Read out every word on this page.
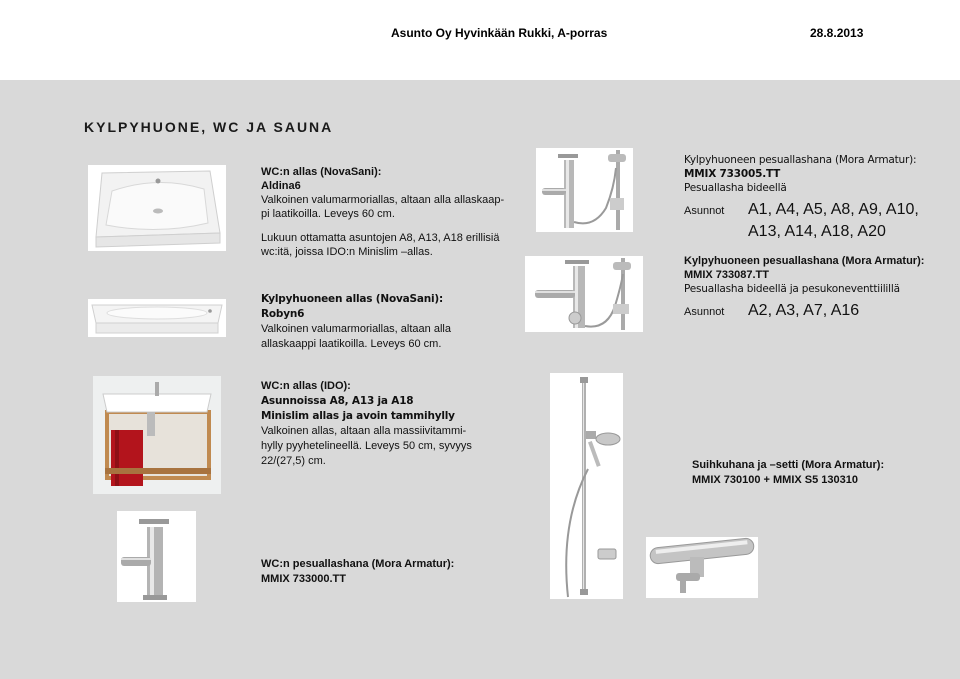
Asunto Oy Hyvinkään Rukki, A-porras	28.8.2013
KYLPYHUONE, WC JA SAUNA
WC:n allas (NovaSani):
Aldina6
Valkoinen valumarmoriallas, altaan alla allaskaap-
pi laatikoilla. Leveys 60 cm.
Lukuun ottamatta asuntojen A8, A13, A18 erillisiä
wc:itä, joissa IDO:n Minislim –allas.
Kylpyhuoneen allas (NovaSani):
Robyn6
Valkoinen valumarmoriallas, altaan alla
allaskaappi laatikoilla. Leveys 60 cm.
Kylpyhuoneen pesuallashana (Mora Armatur):
MMIX 733005.TT
Pesuallasha bideellä
Asunnot	A1, A4, A5, A8, A9, A10,
A13, A14, A18, A20
Kylpyhuoneen pesuallashana (Mora Armatur):
MMIX 733087.TT
Pesuallasha bideellä ja pesukoneventtiilillä
Asunnot	A2, A3, A7, A16
WC:n allas (IDO):
Asunnoissa A8, A13 ja A18
Minislim allas ja avoin tammihylly
Valkoinen allas, altaan alla massiivitammi-
hylly pyyhetelineellä. Leveys 50 cm, syvyys
22/(27,5) cm.	Suihkuhana ja –setti (Mora Armatur):
MMIX 730100 + MMIX S5 130310
WC:n pesuallashana (Mora Armatur):
MMIX 733000.TT
